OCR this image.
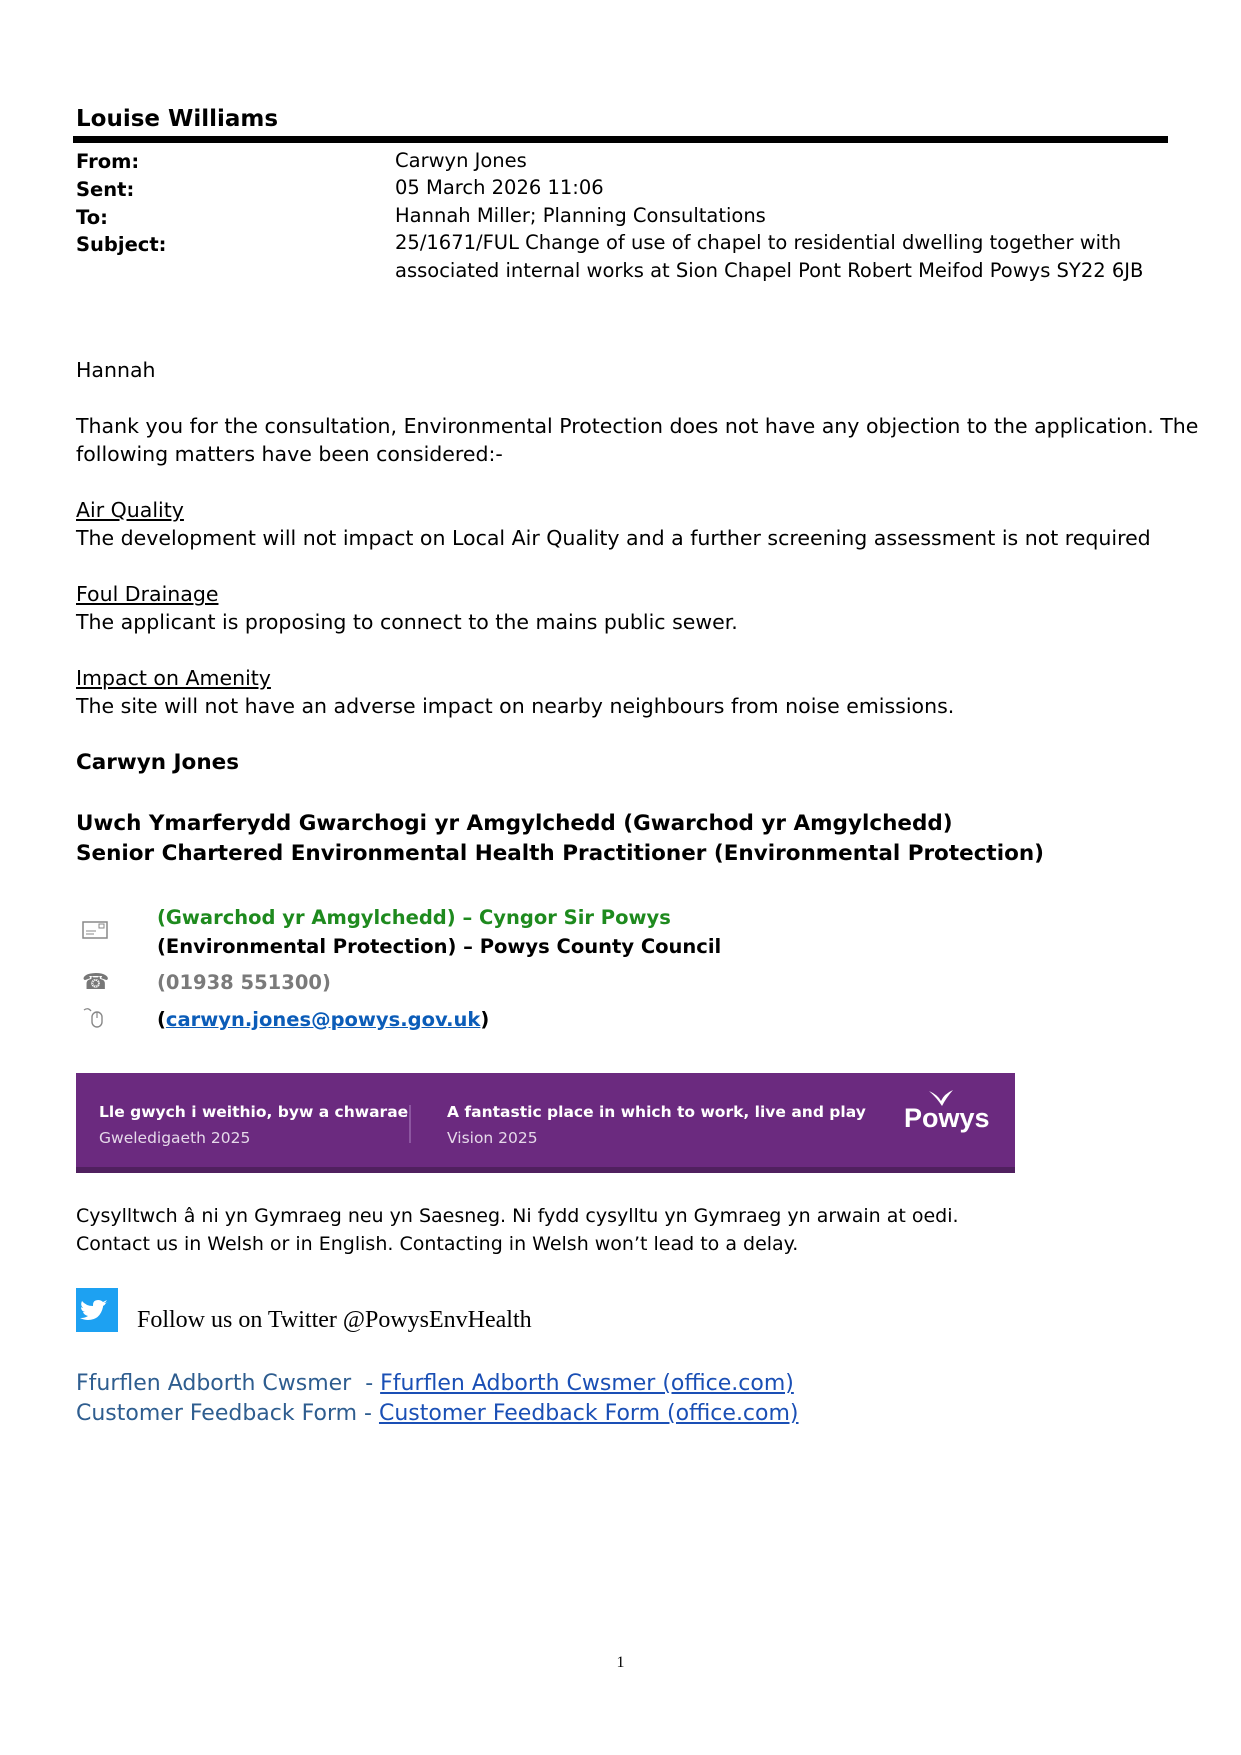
Louise Williams
From:	Carwyn Jones
Sent:	05 March 2026 11:06
To:	Hannah Miller; Planning Consultations
Subject:	25/1671/FUL Change of use of chapel to residential dwelling together with
associated internal works at Sion Chapel Pont Robert Meifod Powys SY22 6JB
Hannah
Thank you for the consultation, Environmental Protection does not have any objection to the application. The
following matters have been considered:-
Air Quality
The development will not impact on Local Air Quality and a further screening assessment is not required
Foul Drainage
The applicant is proposing to connect to the mains public sewer.
Impact on Amenity
The site will not have an adverse impact on nearby neighbours from noise emissions.
Carwyn Jones
Uwch Ymarferydd Gwarchogi yr Amgylchedd (Gwarchod yr Amgylchedd)
Senior Chartered Environmental Health Practitioner (Environmental Protection)
(Gwarchod yr Amgylchedd) – Cyngor Sir Powys
(Environmental Protection) – Powys County Council
☎ (01938 551300)
(carwyn.jones@powys.gov.uk)
Lle gwych i weithio, byw a chwarae
Gweledigaeth 2025
A fantastic place in which to work, live and play
Vision 2025
Powys
Cysylltwch â ni yn Gymraeg neu yn Saesneg. Ni fydd cysylltu yn Gymraeg yn arwain at oedi.
Contact us in Welsh or in English. Contacting in Welsh won’t lead to a delay.
Follow us on Twitter @PowysEnvHealth
Ffurflen Adborth Cwsmer  - Ffurflen Adborth Cwsmer (office.com)
Customer Feedback Form - Customer Feedback Form (office.com)
1
